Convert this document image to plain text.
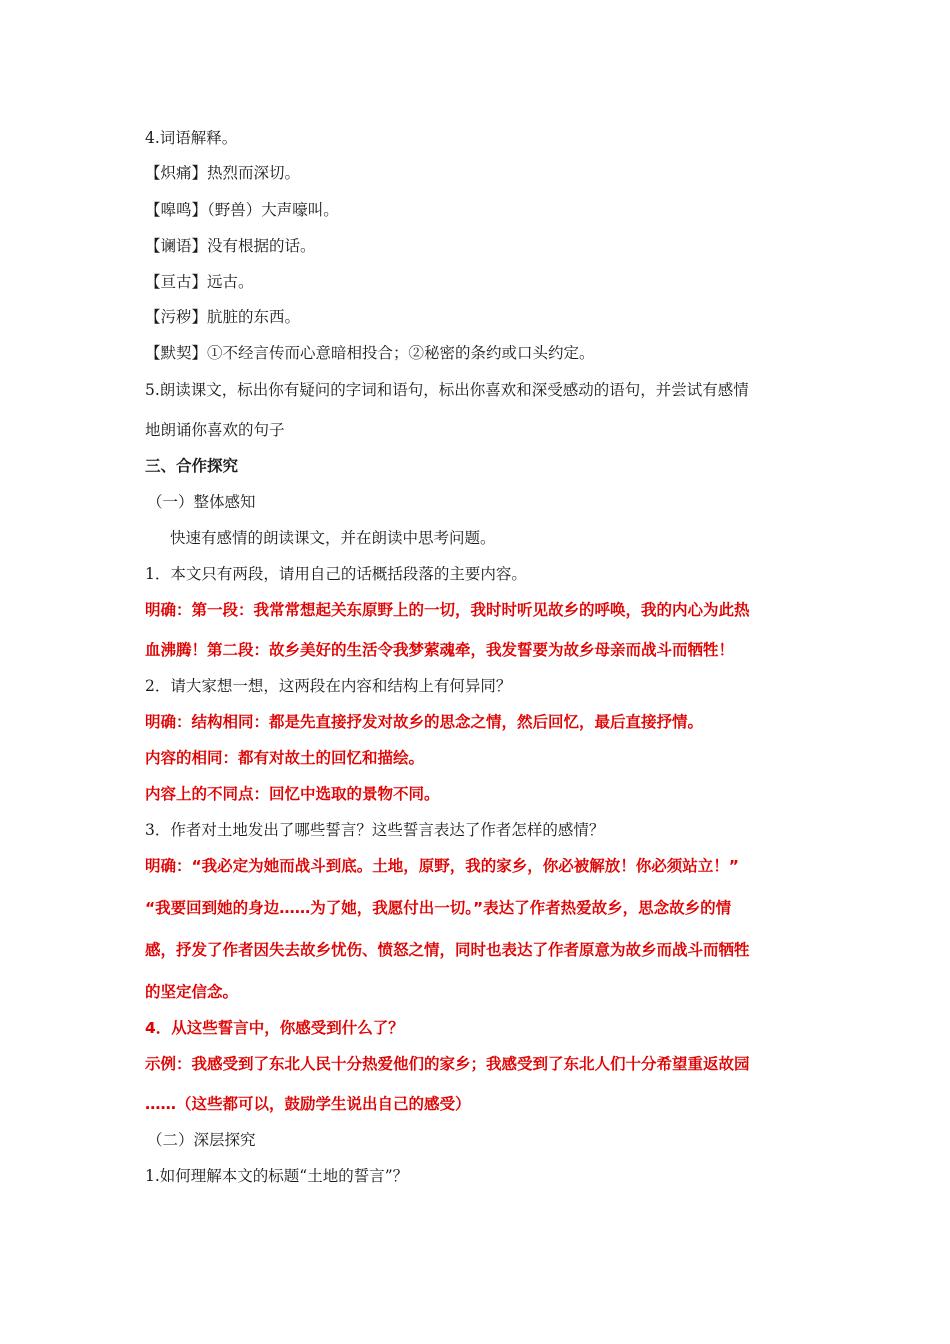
4.词语解释。
【炽痛】热烈而深切。
【嗥鸣】（野兽）大声嚎叫。
【谰语】没有根据的话。
【亘古】远古。
【污秽】肮脏的东西。
【默契】①不经言传而心意暗相投合；②秘密的条约或口头约定。
5.朗读课文，标出你有疑问的字词和语句，标出你喜欢和深受感动的语句，并尝试有感情
地朗诵你喜欢的句子
三、合作探究
（一）整体感知
快速有感情的朗读课文，并在朗读中思考问题。
1．本文只有两段，请用自己的话概括段落的主要内容。
明确：第一段：我常常想起关东原野上的一切，我时时听见故乡的呼唤，我的内心为此热
血沸腾！第二段：故乡美好的生活令我梦萦魂牵，我发誓要为故乡母亲而战斗而牺牲！
2．请大家想一想，这两段在内容和结构上有何异同？
明确：结构相同：都是先直接抒发对故乡的思念之情，然后回忆，最后直接抒情。
内容的相同：都有对故土的回忆和描绘。
内容上的不同点：回忆中选取的景物不同。
3．作者对土地发出了哪些誓言？这些誓言表达了作者怎样的感情？
明确：“我必定为她而战斗到底。土地，原野，我的家乡，你必被解放！你必须站立！”
“我要回到她的身边……为了她，我愿付出一切。”表达了作者热爱故乡，思念故乡的情
感，抒发了作者因失去故乡忧伤、愤怒之情，同时也表达了作者原意为故乡而战斗而牺牲
的坚定信念。
4．从这些誓言中，你感受到什么了？
示例：我感受到了东北人民十分热爱他们的家乡；我感受到了东北人们十分希望重返故园
……（这些都可以，鼓励学生说出自己的感受）
（二）深层探究
1.如何理解本文的标题“土地的誓言”？
